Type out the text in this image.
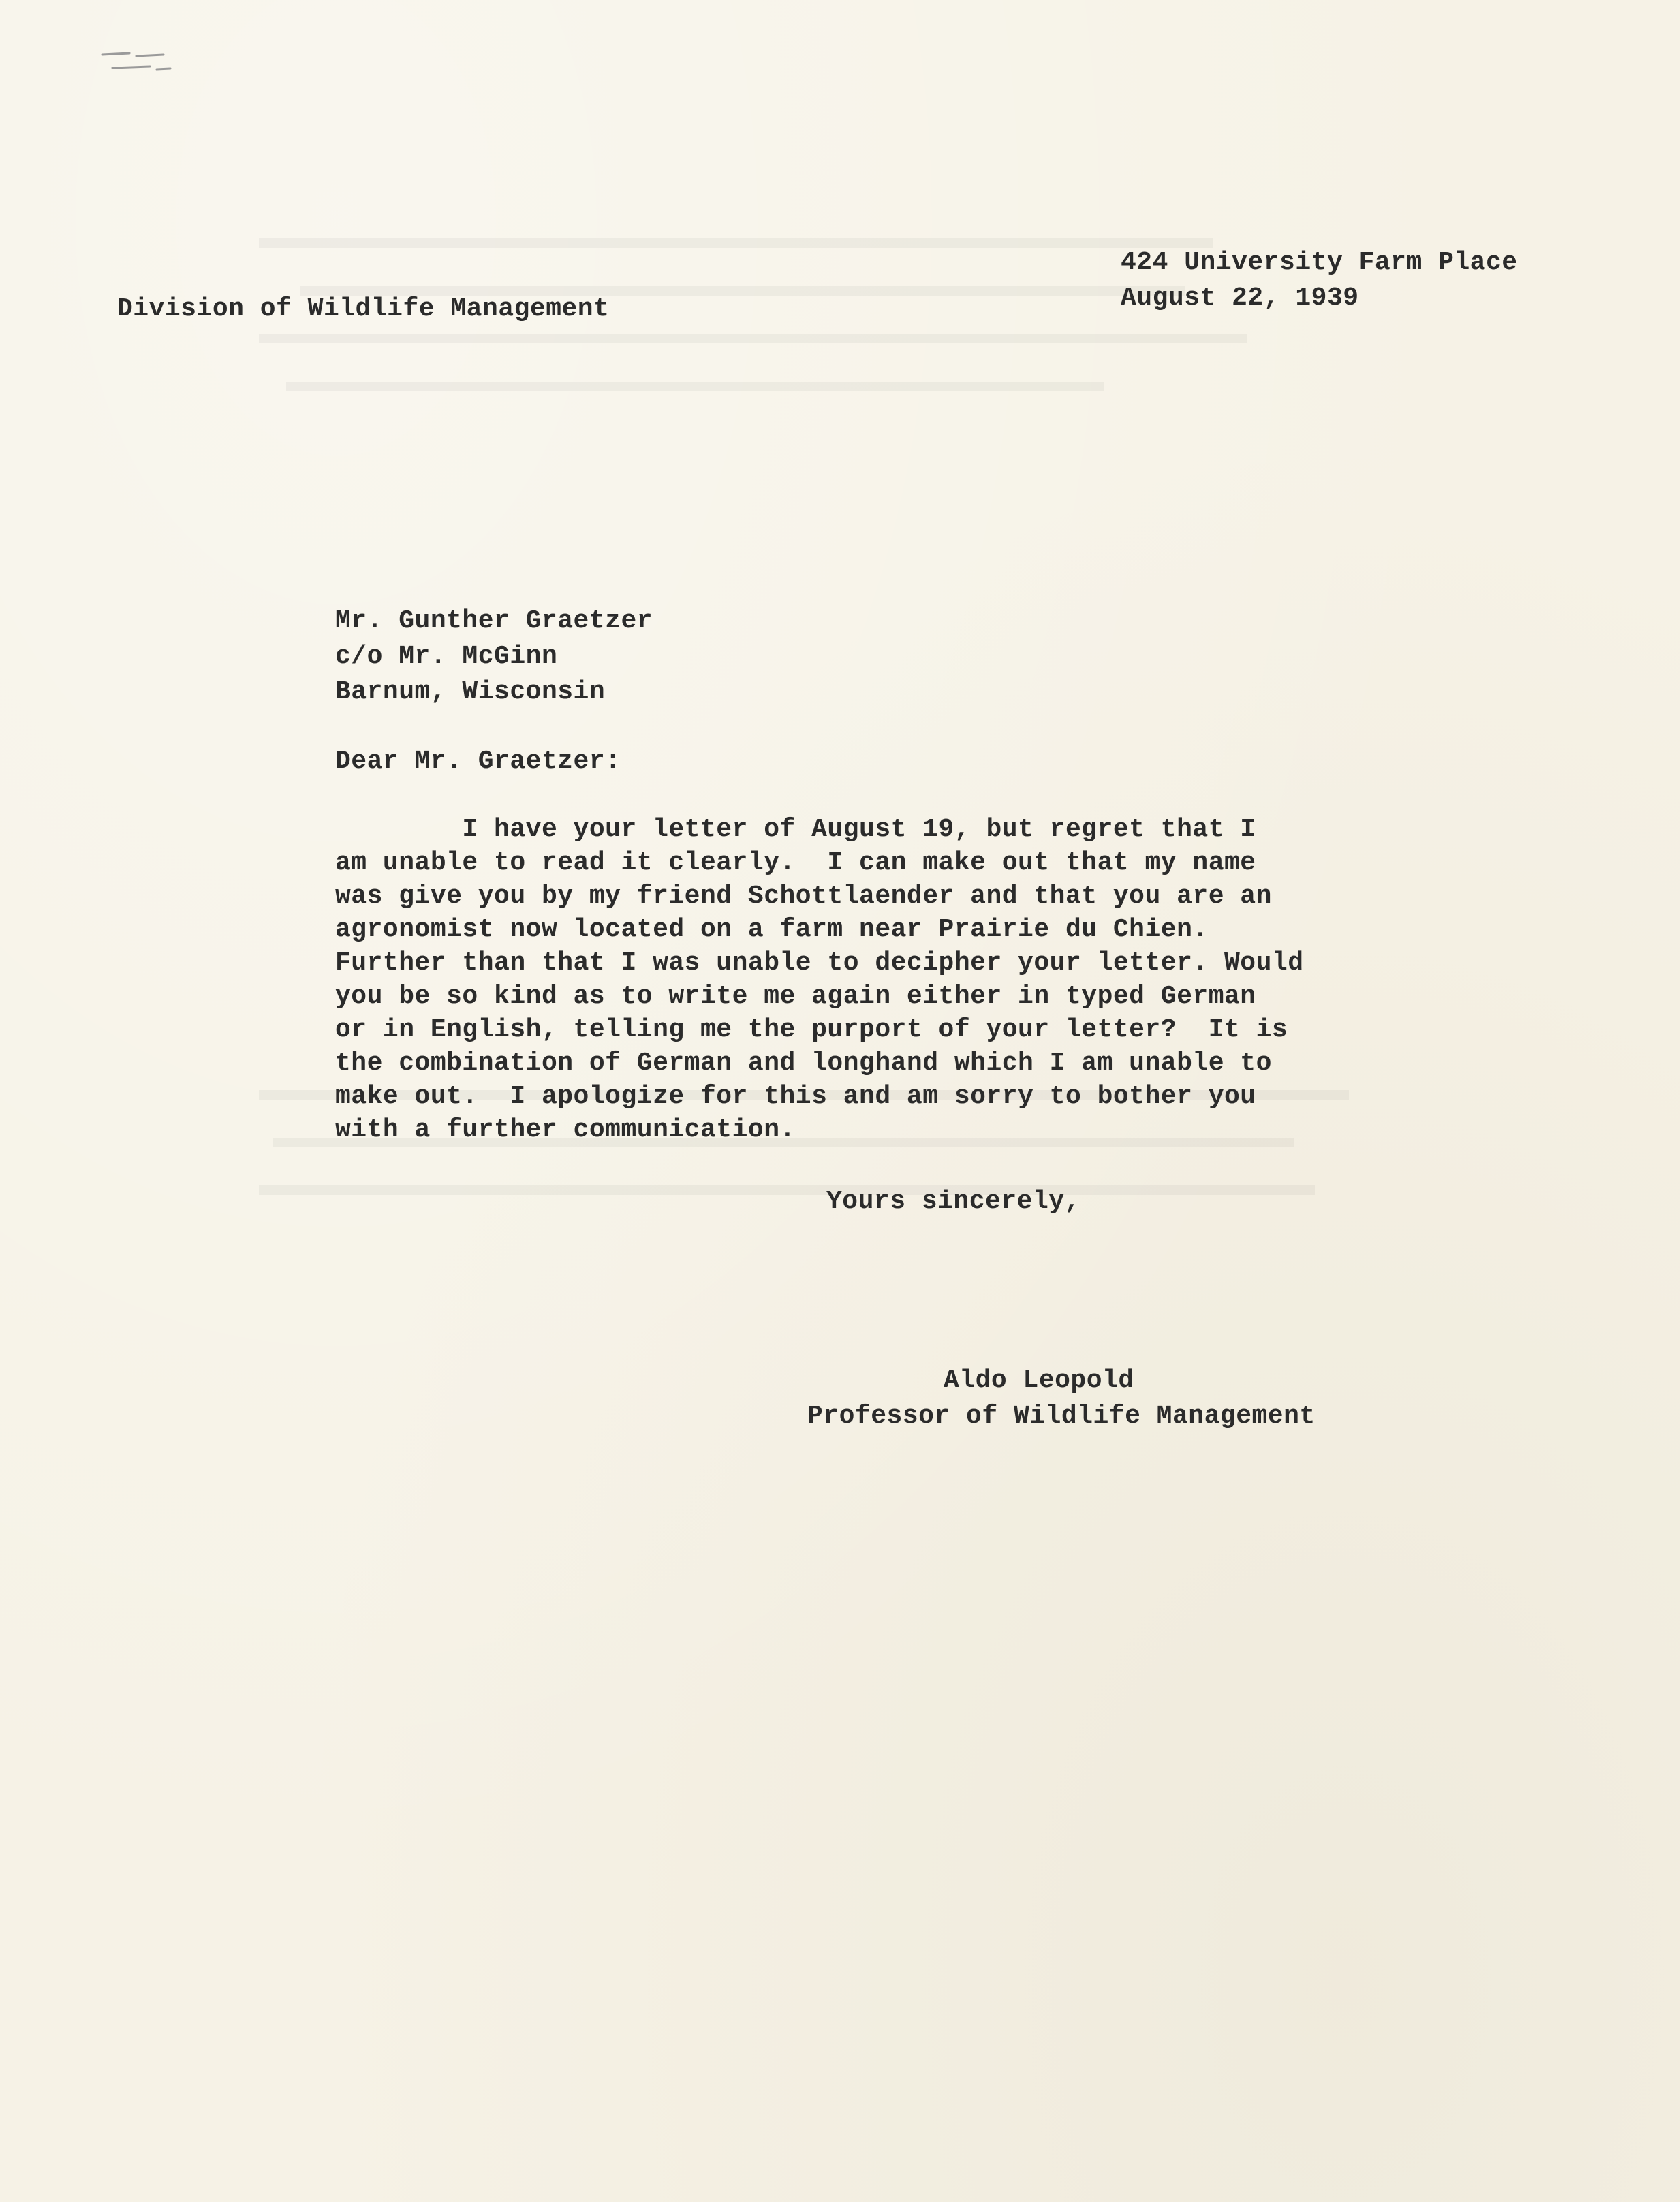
Division of Wildlife Management
424 University Farm Place
August 22, 1939
Mr. Gunther Graetzer
c/o Mr. McGinn
Barnum, Wisconsin
Dear Mr. Graetzer:
I have your letter of August 19, but regret that I
am unable to read it clearly.  I can make out that my name
was give you by my friend Schottlaender and that you are an
agronomist now located on a farm near Prairie du Chien.
Further than that I was unable to decipher your letter. Would
you be so kind as to write me again either in typed German
or in English, telling me the purport of your letter?  It is
the combination of German and longhand which I am unable to
make out.  I apologize for this and am sorry to bother you
with a further communication.
Yours sincerely,
Aldo Leopold
Professor of Wildlife Management
